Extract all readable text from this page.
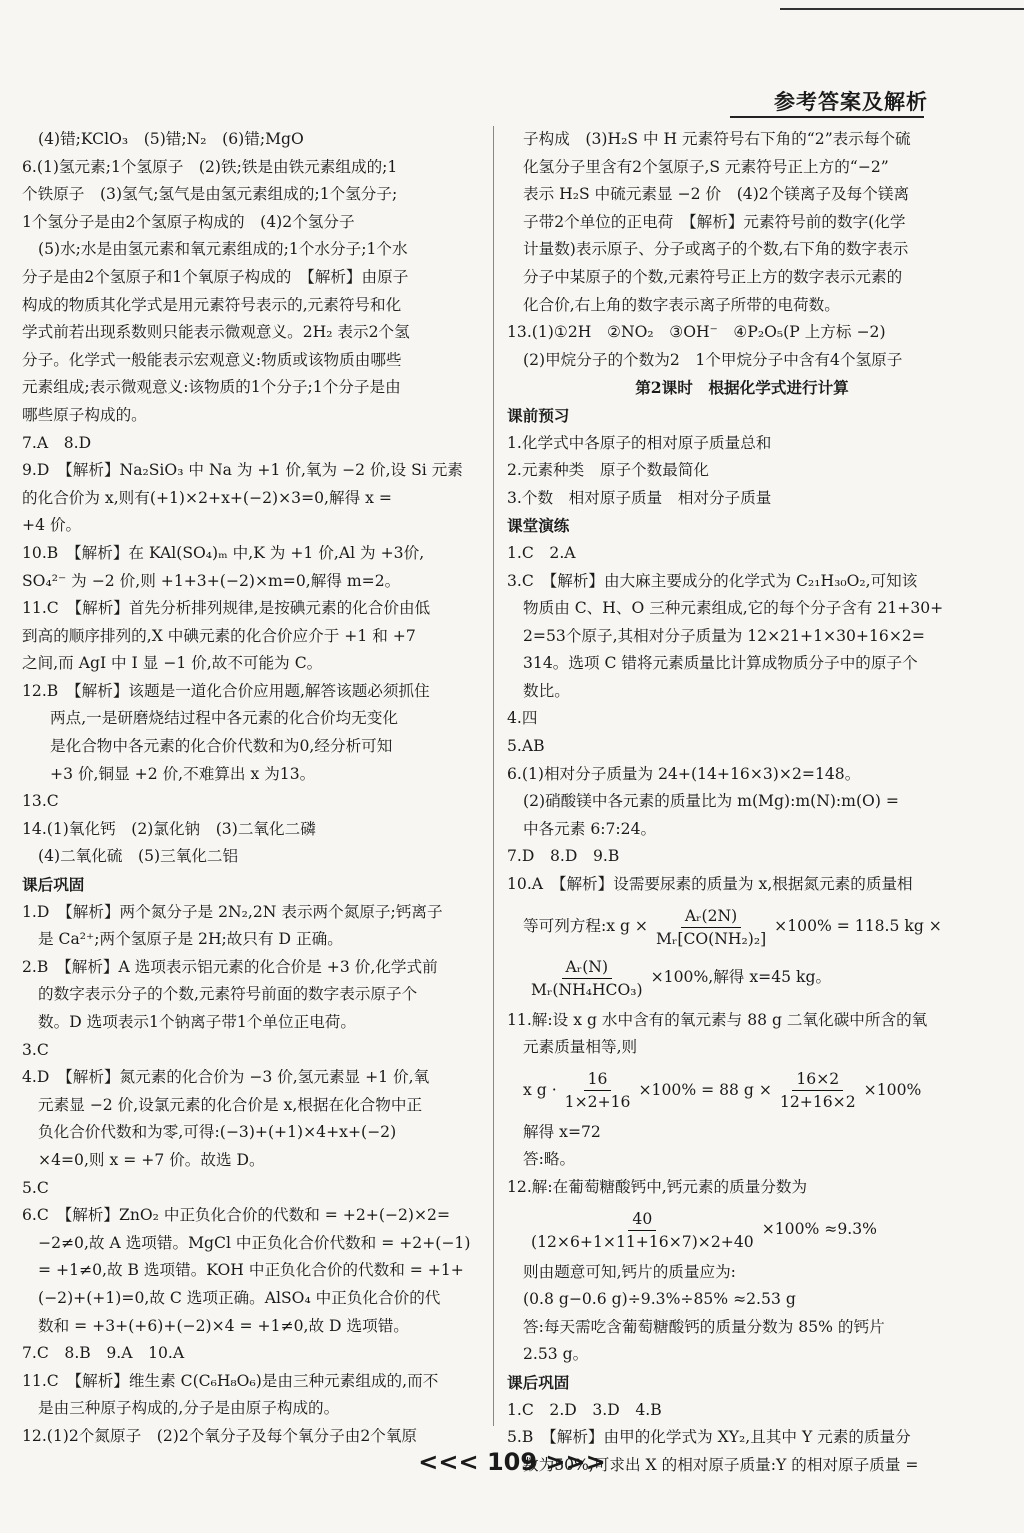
参考答案及解析

(4)错;KClO₃　(5)错;N₂　(6)错;MgO

6.(1)氢元素;1个氢原子　(2)铁;铁是由铁元素组成的;1

个铁原子　(3)氢气;氢气是由氢元素组成的;1个氢分子;

1个氢分子是由2个氢原子构成的　(4)2个氢分子

(5)水;水是由氢元素和氧元素组成的;1个水分子;1个水

分子是由2个氢原子和1个氧原子构成的　【解析】由原子

构成的物质其化学式是用元素符号表示的,元素符号和化

学式前若出现系数则只能表示微观意义。2H₂ 表示2个氢

分子。化学式一般能表示宏观意义:物质或该物质由哪些

元素组成;表示微观意义:该物质的1个分子;1个分子是由

哪些原子构成的。

7.A　8.D

9.D　【解析】Na₂SiO₃ 中 Na 为 +1 价,氧为 −2 价,设 Si 元素

的化合价为 x,则有(+1)×2+x+(−2)×3=0,解得 x =

+4 价。

10.B　【解析】在 KAl(SO₄)ₘ 中,K 为 +1 价,Al 为 +3价,

SO₄²⁻ 为 −2 价,则 +1+3+(−2)×m=0,解得 m=2。

11.C　【解析】首先分析排列规律,是按碘元素的化合价由低

到高的顺序排列的,X 中碘元素的化合价应介于 +1 和 +7

之间,而 AgI 中 I 显 −1 价,故不可能为 C。

12.B　【解析】该题是一道化合价应用题,解答该题必须抓住

两点,一是研磨烧结过程中各元素的化合价均无变化

是化合物中各元素的化合价代数和为0,经分析可知

+3 价,铜显 +2 价,不难算出 x 为13。

13.C

14.(1)氧化钙　(2)氯化钠　(3)二氧化二磷

(4)二氧化硫　(5)三氧化二铝

课后巩固

1.D　【解析】两个氮分子是 2N₂,2N 表示两个氮原子;钙离子

是 Ca²⁺;两个氢原子是 2H;故只有 D 正确。

2.B　【解析】A 选项表示铝元素的化合价是 +3 价,化学式前

的数字表示分子的个数,元素符号前面的数字表示原子个

数。D 选项表示1个钠离子带1个单位正电荷。

3.C

4.D　【解析】氮元素的化合价为 −3 价,氢元素显 +1 价,氧

元素显 −2 价,设氯元素的化合价是 x,根据在化合物中正

负化合价代数和为零,可得:(−3)+(+1)×4+x+(−2)

×4=0,则 x = +7 价。故选 D。

5.C

6.C　【解析】ZnO₂ 中正负化合价的代数和 = +2+(−2)×2=

−2≠0,故 A 选项错。MgCl 中正负化合价代数和 = +2+(−1)

= +1≠0,故 B 选项错。KOH 中正负化合价的代数和 = +1+

(−2)+(+1)=0,故 C 选项正确。AlSO₄ 中正负化合价的代

数和 = +3+(+6)+(−2)×4 = +1≠0,故 D 选项错。

7.C　8.B　9.A　10.A

11.C　【解析】维生素 C(C₆H₈O₆)是由三种元素组成的,而不

是由三种原子构成的,分子是由原子构成的。

12.(1)2个氮原子　(2)2个氧分子及每个氧分子由2个氧原

子构成　(3)H₂S 中 H 元素符号右下角的“2”表示每个硫

化氢分子里含有2个氢原子,S 元素符号正上方的“−2”

表示 H₂S 中硫元素显 −2 价　(4)2个镁离子及每个镁离

子带2个单位的正电荷　【解析】元素符号前的数字(化学

计量数)表示原子、分子或离子的个数,右下角的数字表示

分子中某原子的个数,元素符号正上方的数字表示元素的

化合价,右上角的数字表示离子所带的电荷数。

13.(1)①2H　②NO₂　③OH⁻　④P₂O₅(P 上方标 −2)

(2)甲烷分子的个数为2　1个甲烷分子中含有4个氢原子

第2课时　根据化学式进行计算

课前预习

1.化学式中各原子的相对原子质量总和

2.元素种类　原子个数最简化

3.个数　相对原子质量　相对分子质量

课堂演练

1.C　2.A

3.C　【解析】由大麻主要成分的化学式为 C₂₁H₃₀O₂,可知该

物质由 C、H、O 三种元素组成,它的每个分子含有 21+30+

2=53个原子,其相对分子质量为 12×21+1×30+16×2=

314。选项 C 错将元素质量比计算成物质分子中的原子个

数比。

4.四

5.AB

6.(1)相对分子质量为 24+(14+16×3)×2=148。

(2)硝酸镁中各元素的质量比为 m(Mg):m(N):m(O) =

中各元素 6:7:24。

7.D　8.D　9.B

10.A　【解析】设需要尿素的质量为 x,根据氮元素的质量相

等可列方程:x $g \times \frac{\text{Aᵣ(2N)}}{\text{Mᵣ[CO(NH₂)₂]}} \times 100\% = 118.5$ kg ×
$\frac{\text{Aᵣ(N)}}{\text{Mᵣ(NH₄HCO₃)}} \times 100\%$,解得 x=45 kg。

11.解:设 x g 水中含有的氧元素与 88 g 二氧化碳中所含的氧

元素质量相等,则

x $g \cdot \frac{16}{1\times 2+16} \times 100\% = 88$ $g \times \frac{16\times 2}{12+16\times 2} \times 100\%$

解得 x=72

答:略。

12.解:在葡萄糖酸钙中,钙元素的质量分数为

$\frac{40}{(12\times 6+1\times 11+16\times 7)\times 2+40} \times 100\% \approx 9.3\%$

则由题意可知,钙片的质量应为:

(0.8 g−0.6 g)÷9.3%÷85% ≈2.53 g

答:每天需吃含葡萄糖酸钙的质量分数为 85% 的钙片

2.53 g。

课后巩固

1.C　2.D　3.D　4.B

5.B　【解析】由甲的化学式为 XY₂,且其中 Y 元素的质量分

数为50%,可求出 X 的相对原子质量:Y 的相对原子质量 =

<<< 109 >>>
